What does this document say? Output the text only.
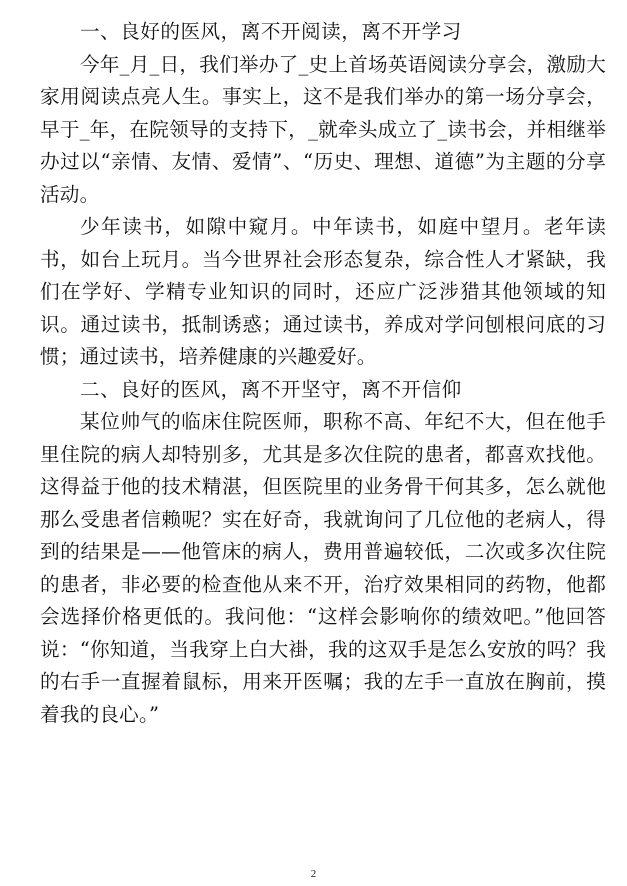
一、良好的医风，离不开阅读，离不开学习

今年_月_日，我们举办了_史上首场英语阅读分享会，激励大家用阅读点亮人生。事实上，这不是我们举办的第一场分享会，早于_年，在院领导的支持下，_就牵头成立了_读书会，并相继举办过以“亲情、友情、爱情”、“历史、理想、道德”为主题的分享活动。

少年读书，如隙中窥月。中年读书，如庭中望月。老年读书，如台上玩月。当今世界社会形态复杂，综合性人才紧缺，我们在学好、学精专业知识的同时，还应广泛涉猎其他领域的知识。通过读书，抵制诱惑；通过读书，养成对学问刨根问底的习惯；通过读书，培养健康的兴趣爱好。

二、良好的医风，离不开坚守，离不开信仰

某位帅气的临床住院医师，职称不高、年纪不大，但在他手里住院的病人却特别多，尤其是多次住院的患者，都喜欢找他。这得益于他的技术精湛，但医院里的业务骨干何其多，怎么就他那么受患者信赖呢？实在好奇，我就询问了几位他的老病人，得到的结果是——他管床的病人，费用普遍较低，二次或多次住院的患者，非必要的检查他从来不开，治疗效果相同的药物，他都会选择价格更低的。我问他：“这样会影响你的绩效吧。”他回答说：“你知道，当我穿上白大褂，我的这双手是怎么安放的吗？我的右手一直握着鼠标，用来开医嘱；我的左手一直放在胸前，摸着我的良心。”

2
